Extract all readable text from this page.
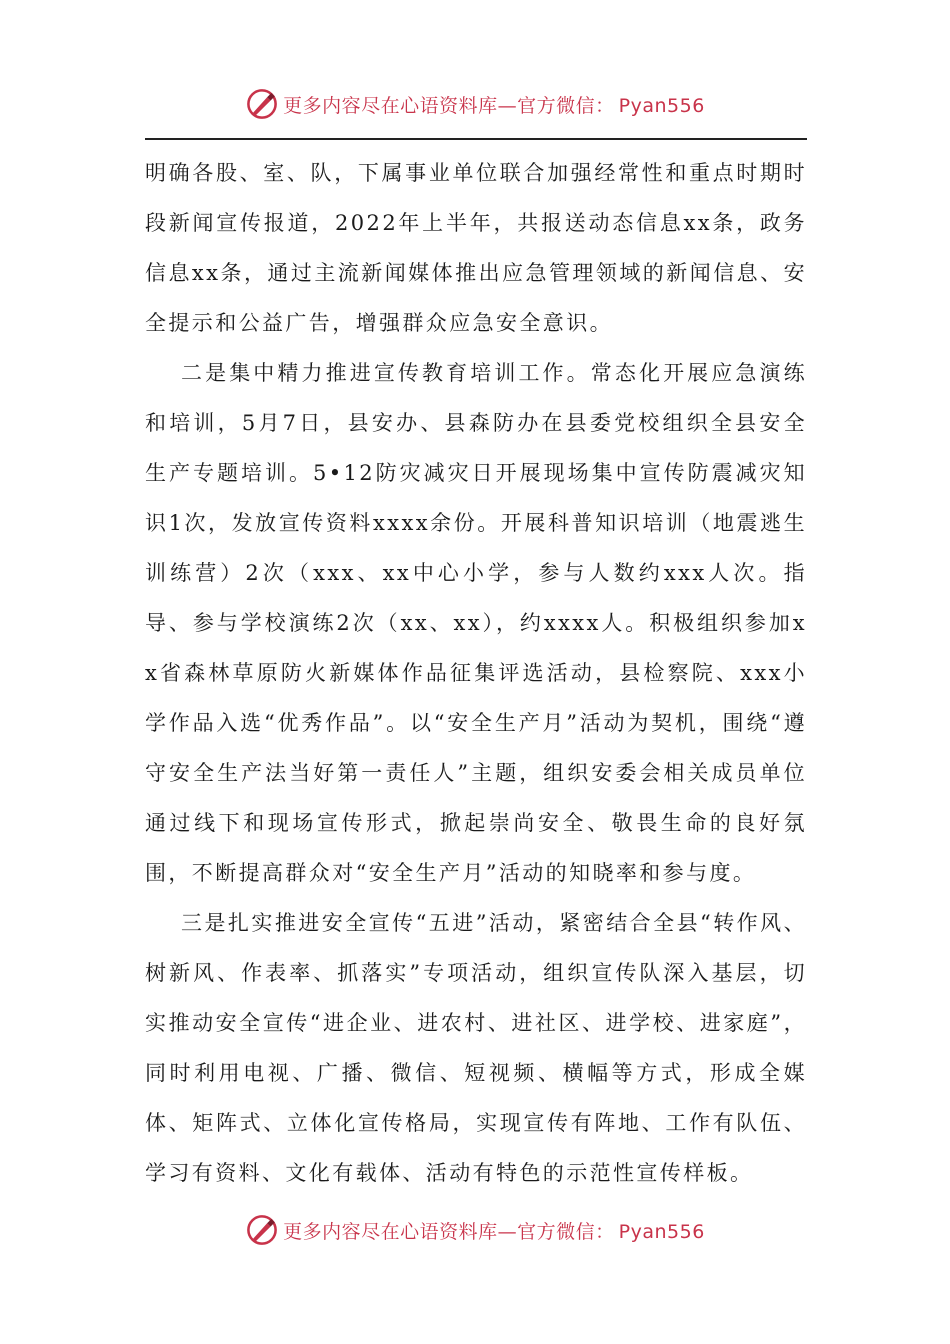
更多内容尽在心语资料库—官方微信： Pyan556

明确各股、室、队，下属事业单位联合加强经常性和重点时期时段新闻宣传报道，2022年上半年，共报送动态信息xx条，政务信息xx条，通过主流新闻媒体推出应急管理领域的新闻信息、安全提示和公益广告，增强群众应急安全意识。

二是集中精力推进宣传教育培训工作。常态化开展应急演练和培训，5月7日，县安办、县森防办在县委党校组织全县安全生产专题培训。5•12防灾减灾日开展现场集中宣传防震减灾知识1次，发放宣传资料xxxx余份。开展科普知识培训（地震逃生训练营）2次（xxx、xx中心小学，参与人数约xxx人次。指导、参与学校演练2次（xx、xx），约xxxx人。积极组织参加xx省森林草原防火新媒体作品征集评选活动，县检察院、xxx小学作品入选“优秀作品”。以“安全生产月”活动为契机，围绕“遵守安全生产法当好第一责任人”主题，组织安委会相关成员单位通过线下和现场宣传形式，掀起崇尚安全、敬畏生命的良好氛围，不断提高群众对“安全生产月”活动的知晓率和参与度。

三是扎实推进安全宣传“五进”活动，紧密结合全县“转作风、树新风、作表率、抓落实”专项活动，组织宣传队深入基层，切实推动安全宣传“进企业、进农村、进社区、进学校、进家庭”，同时利用电视、广播、微信、短视频、横幅等方式，形成全媒体、矩阵式、立体化宣传格局，实现宣传有阵地、工作有队伍、学习有资料、文化有载体、活动有特色的示范性宣传样板。

更多内容尽在心语资料库—官方微信： Pyan556
